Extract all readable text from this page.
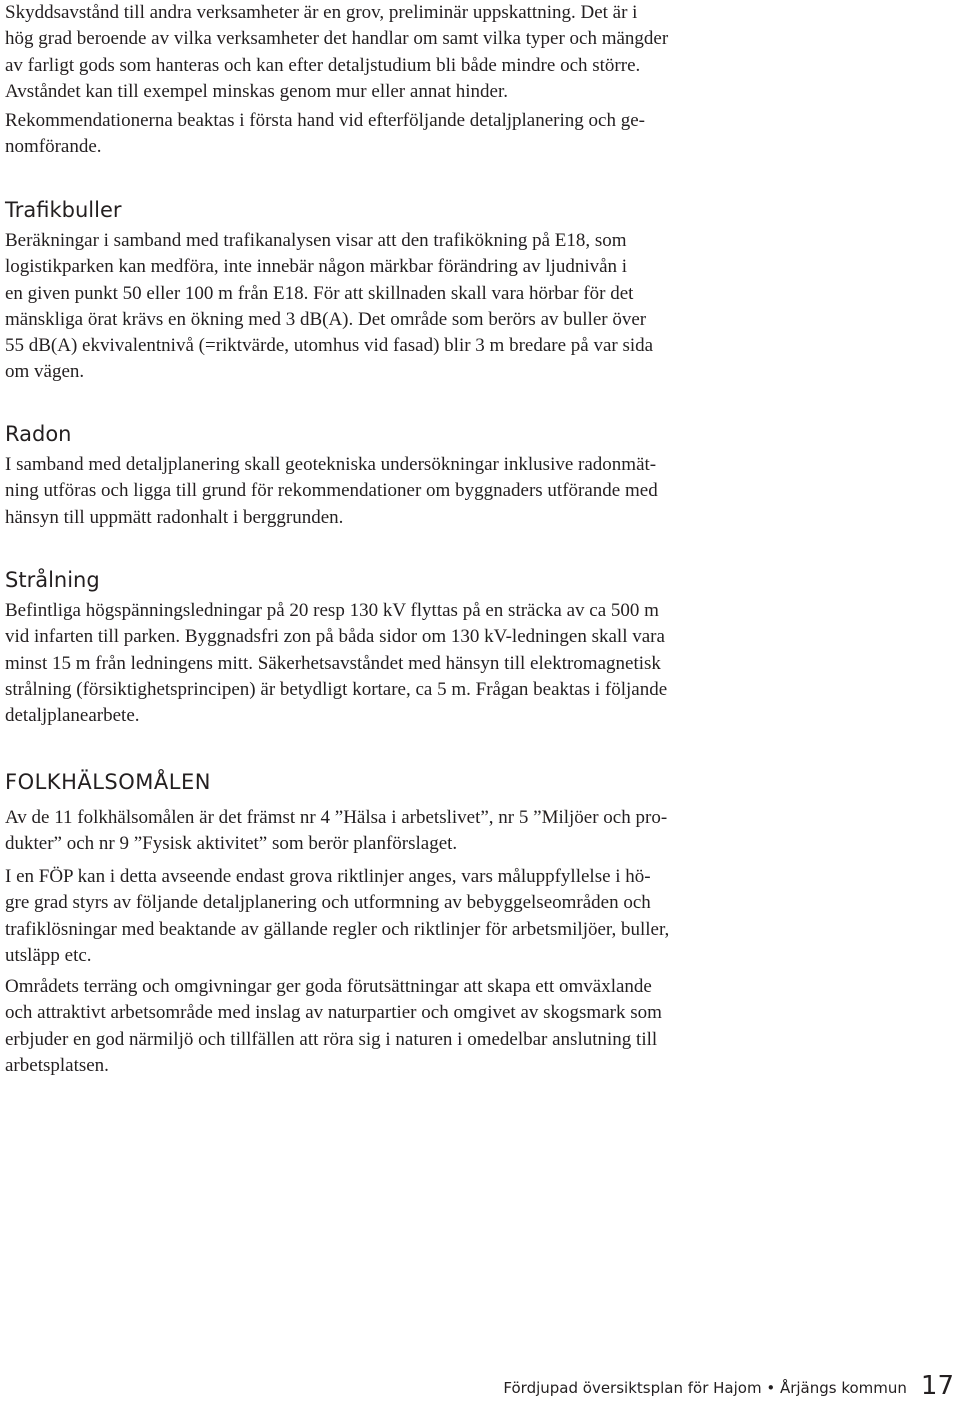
Skyddsavstånd till andra verksamheter är en grov, preliminär uppskattning. Det är i
hög grad beroende av vilka verksamheter det handlar om samt vilka typer och mängder
av farligt gods som hanteras och kan efter detaljstudium bli både mindre och större.
Avståndet kan till exempel minskas genom mur eller annat hinder.

Rekommendationerna beaktas i första hand vid efterföljande detaljplanering och ge-
nomförande.

Trafikbuller

Beräkningar i samband med trafikanalysen visar att den trafikökning på E18, som
logistikparken kan medföra, inte innebär någon märkbar förändring av ljudnivån i
en given punkt 50 eller 100 m från E18. För att skillnaden skall vara hörbar för det
mänskliga örat krävs en ökning med 3 dB(A). Det område som berörs av buller över
55 dB(A) ekvivalentnivå (=riktvärde, utomhus vid fasad) blir 3 m bredare på var sida
om vägen.

Radon

I samband med detaljplanering skall geotekniska undersökningar inklusive radonmät-
ning utföras och ligga till grund för rekommendationer om byggnaders utförande med
hänsyn till uppmätt radonhalt i berggrunden.

Strålning

Befintliga högspänningsledningar på 20 resp 130 kV flyttas på en sträcka av ca 500 m
vid infarten till parken. Byggnadsfri zon på båda sidor om 130 kV-ledningen skall vara
minst 15 m från ledningens mitt. Säkerhetsavståndet med hänsyn till elektromagnetisk
strålning (försiktighetsprincipen) är betydligt kortare, ca 5 m. Frågan beaktas i följande
detaljplanearbete.

FOLKHÄLSOMÅLEN

Av de 11 folkhälsomålen är det främst nr 4 ”Hälsa i arbetslivet”, nr 5 ”Miljöer och pro-
dukter” och nr 9 ”Fysisk aktivitet” som berör planförslaget.

I en FÖP kan i detta avseende endast grova riktlinjer anges, vars måluppfyllelse i hö-
gre grad styrs av följande detaljplanering och utformning av bebyggelseområden och
trafiklösningar med beaktande av gällande regler och riktlinjer för arbetsmiljöer, buller,
utsläpp etc.

Områdets terräng och omgivningar ger goda förutsättningar att skapa ett omväxlande
och attraktivt arbetsområde med inslag av naturpartier och omgivet av skogsmark som
erbjuder en god närmiljö och tillfällen att röra sig i naturen i omedelbar anslutning till
arbetsplatsen.

Fördjupad översiktsplan för Hajom • Årjängs kommun 17
